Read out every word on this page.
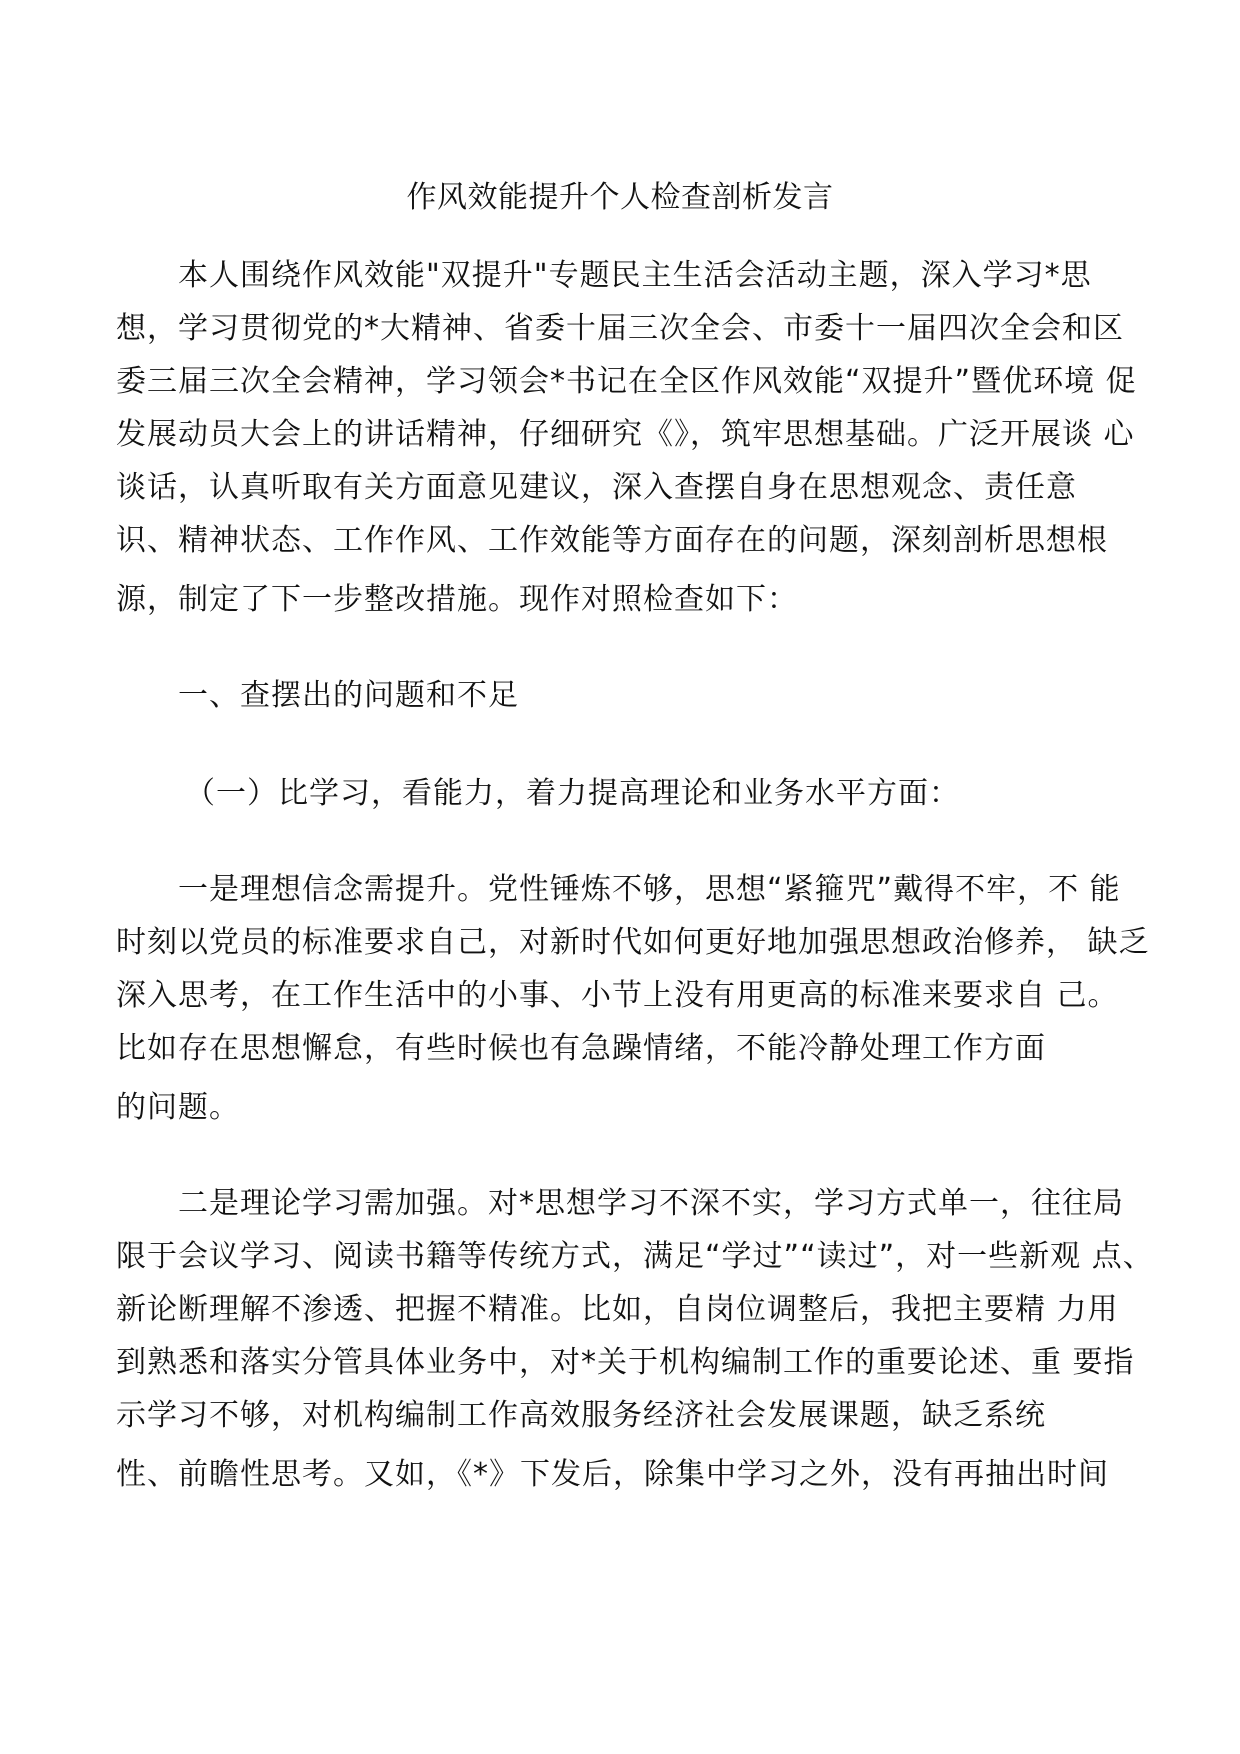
作风效能提升个人检查剖析发言
本人围绕作风效能"双提升"专题民主生活会活动主题，深入学习*思
想，学习贯彻党的*大精神、省委十届三次全会、市委十一届四次全会和区
委三届三次全会精神，学习领会*书记在全区作风效能“双提升”暨优环境 促
发展动员大会上的讲话精神，仔细研究《》，筑牢思想基础。广泛开展谈 心
谈话，认真听取有关方面意见建议，深入查摆自身在思想观念、责任意
识、精神状态、工作作风、工作效能等方面存在的问题，深刻剖析思想根
源，制定了下一步整改措施。现作对照检查如下：
一、查摆出的问题和不足
（一）比学习，看能力，着力提高理论和业务水平方面：
一是理想信念需提升。党性锤炼不够，思想“紧箍咒”戴得不牢，不 能
时刻以党员的标准要求自己，对新时代如何更好地加强思想政治修养， 缺乏
深入思考，在工作生活中的小事、小节上没有用更高的标准来要求自 己。
比如存在思想懈怠，有些时候也有急躁情绪，不能冷静处理工作方面
的问题。
二是理论学习需加强。对*思想学习不深不实，学习方式单一，往往局
限于会议学习、阅读书籍等传统方式，满足“学过”“读过”，对一些新观 点、
新论断理解不渗透、把握不精准。比如，自岗位调整后，我把主要精 力用
到熟悉和落实分管具体业务中，对*关于机构编制工作的重要论述、重 要指
示学习不够，对机构编制工作高效服务经济社会发展课题，缺乏系统
性、前瞻性思考。又如，《*》下发后，除集中学习之外，没有再抽出时间
